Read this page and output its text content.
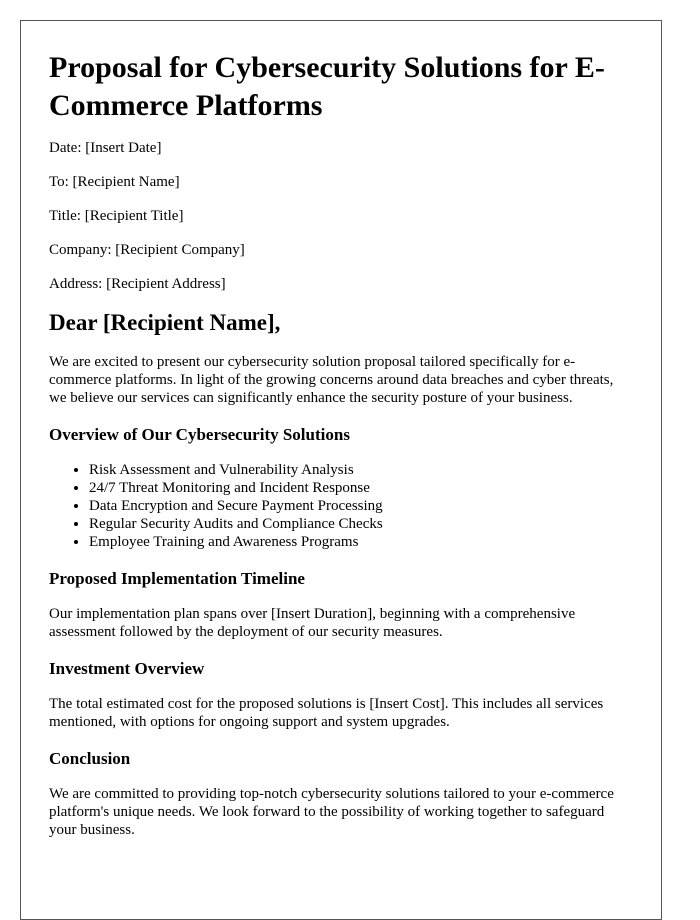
Proposal for Cybersecurity Solutions for E-Commerce Platforms

Date: [Insert Date]

To: [Recipient Name]

Title: [Recipient Title]

Company: [Recipient Company]

Address: [Recipient Address]

Dear [Recipient Name],

We are excited to present our cybersecurity solution proposal tailored specifically for e-commerce platforms. In light of the growing concerns around data breaches and cyber threats, we believe our services can significantly enhance the security posture of your business.

Overview of Our Cybersecurity Solutions
• Risk Assessment and Vulnerability Analysis
• 24/7 Threat Monitoring and Incident Response
• Data Encryption and Secure Payment Processing
• Regular Security Audits and Compliance Checks
• Employee Training and Awareness Programs
Proposed Implementation Timeline

Our implementation plan spans over [Insert Duration], beginning with a comprehensive assessment followed by the deployment of our security measures.

Investment Overview

The total estimated cost for the proposed solutions is [Insert Cost]. This includes all services mentioned, with options for ongoing support and system upgrades.

Conclusion

We are committed to providing top-notch cybersecurity solutions tailored to your e-commerce platform's unique needs. We look forward to the possibility of working together to safeguard your business.
